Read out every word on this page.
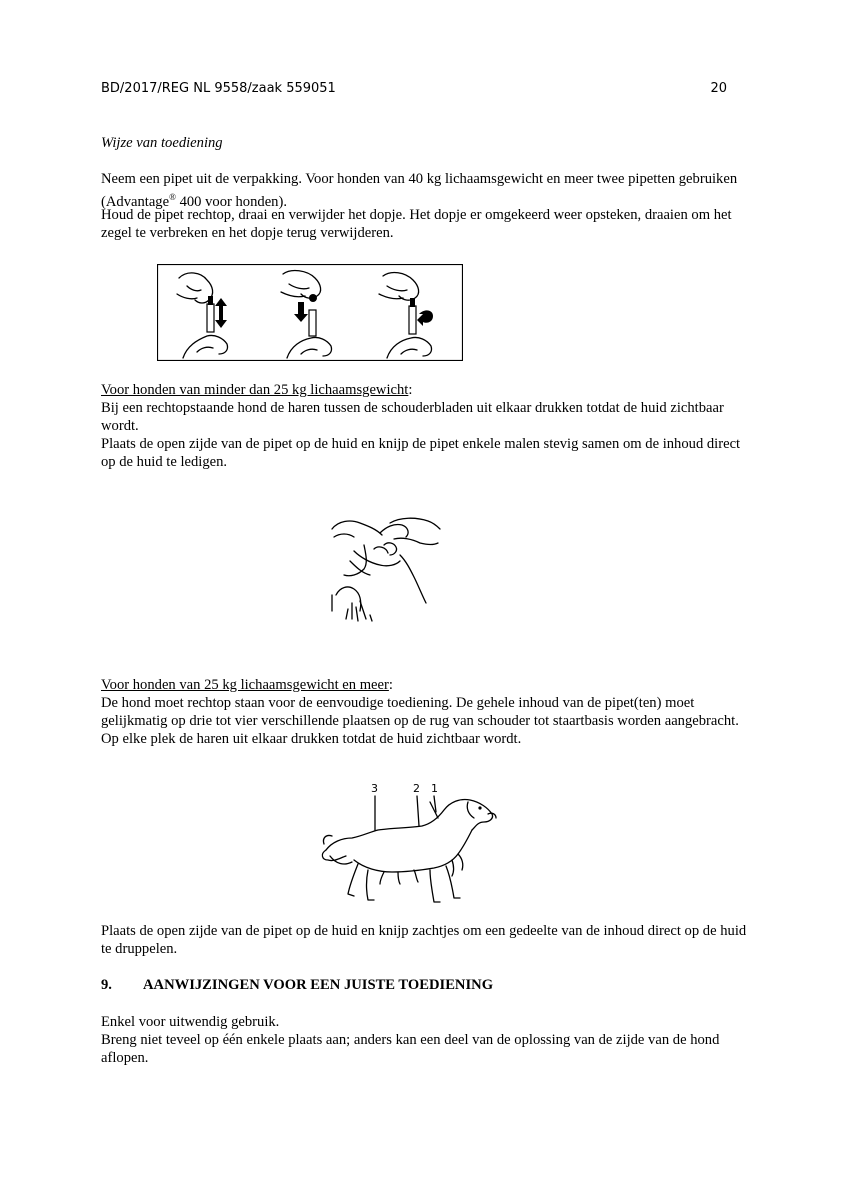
BD/2017/REG NL 9558/zaak 559051	20

Wijze van toediening

Neem een pipet uit de verpakking. Voor honden van 40 kg lichaamsgewicht en meer twee pipetten gebruiken (Advantage® 400 voor honden).

Houd de pipet rechtop, draai en verwijder het dopje. Het dopje er omgekeerd weer opsteken, draaien om het zegel te verbreken en het dopje terug verwijderen.

Voor honden van minder dan 25 kg lichaamsgewicht:

Bij een rechtopstaande hond de haren tussen de schouderbladen uit elkaar drukken totdat de huid zichtbaar wordt.

Plaats de open zijde van de pipet op de huid en knijp de pipet enkele malen stevig samen om de inhoud direct op de huid te ledigen.

Voor honden van 25 kg lichaamsgewicht en meer:

De hond moet rechtop staan voor de eenvoudige toediening. De gehele inhoud van de pipet(ten) moet gelijkmatig op drie tot vier verschillende plaatsen op de rug van schouder tot staartbasis worden aangebracht. Op elke plek de haren uit elkaar drukken totdat de huid zichtbaar wordt.

3	2 1

Plaats de open zijde van de pipet op de huid en knijp zachtjes om een gedeelte van de inhoud direct op de huid te druppelen.

9. AANWIJZINGEN VOOR EEN JUISTE TOEDIENING

Enkel voor uitwendig gebruik.

Breng niet teveel op één enkele plaats aan; anders kan een deel van de oplossing van de zijde van de hond aflopen.
